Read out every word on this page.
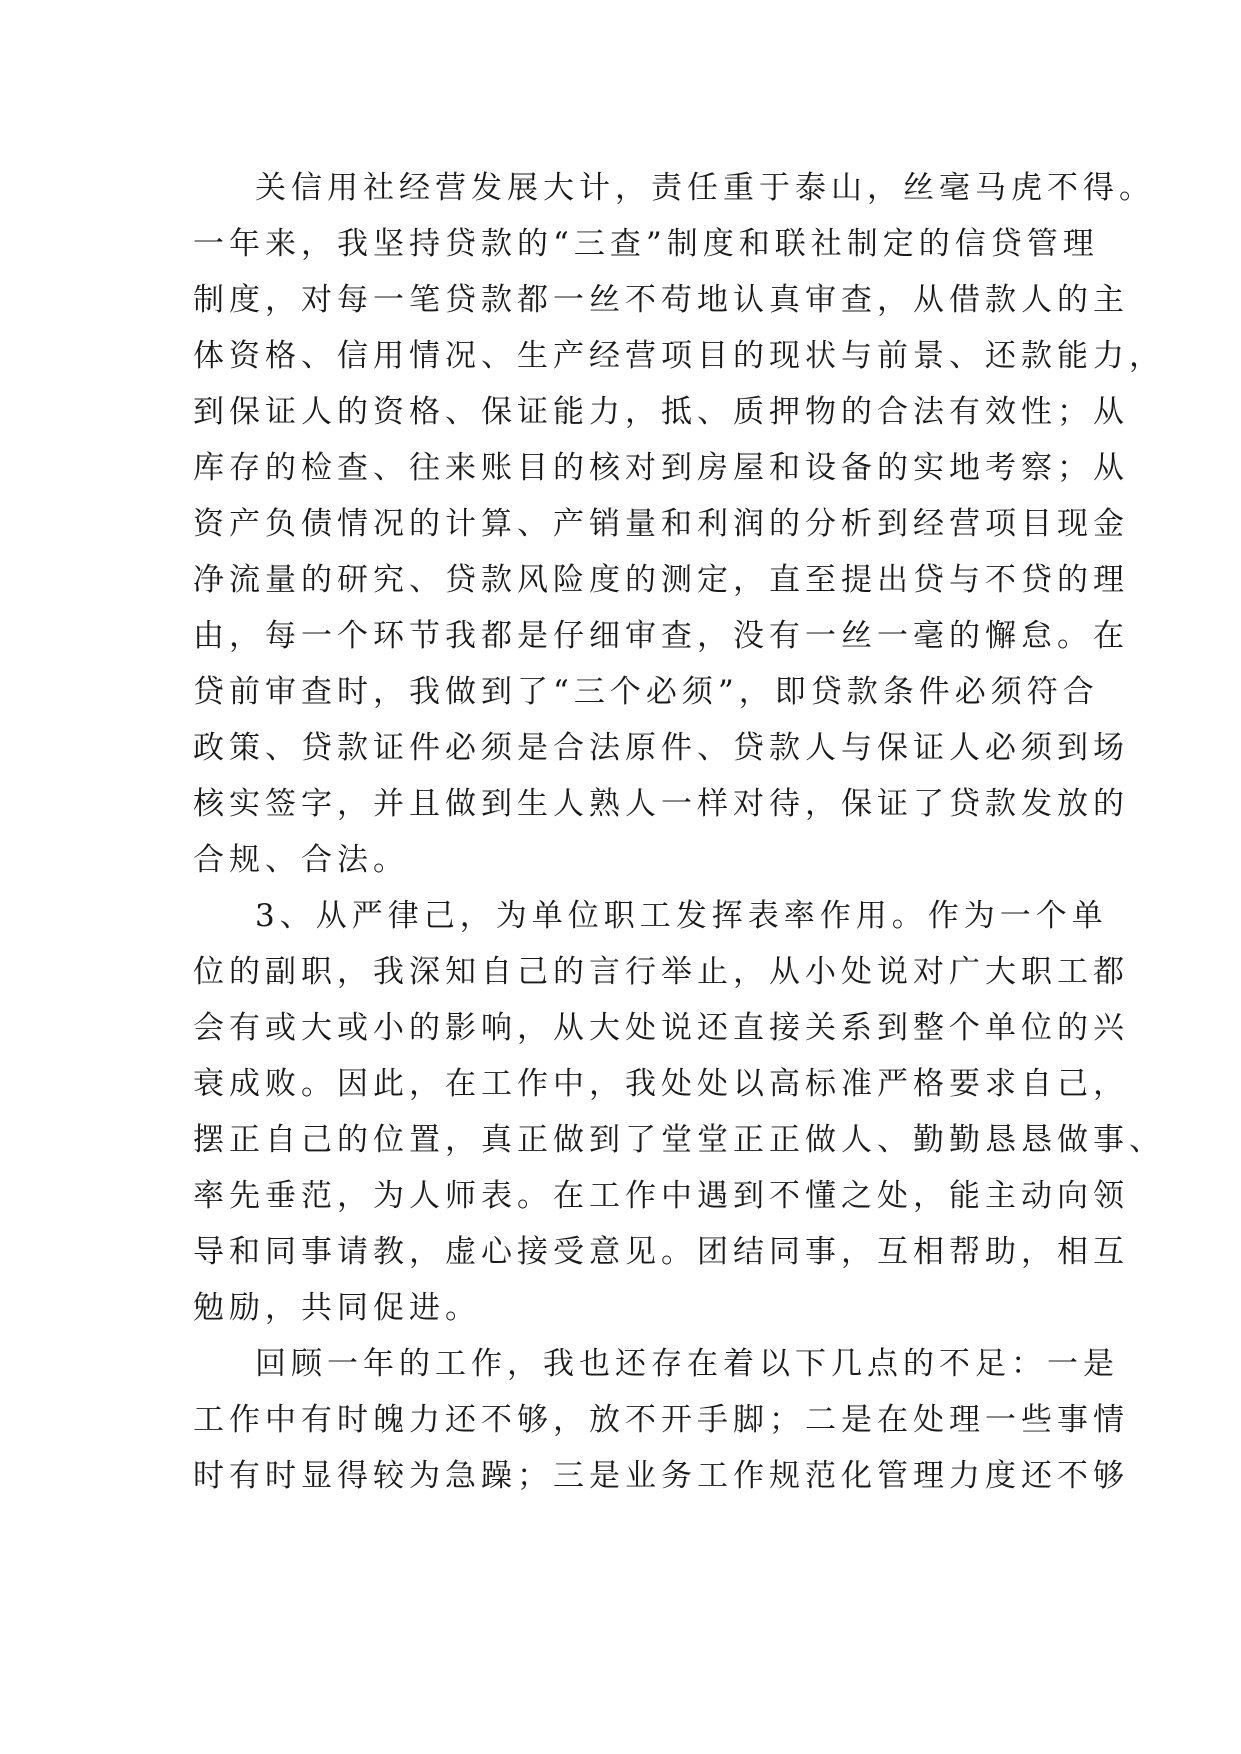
关信用社经营发展大计，责任重于泰山，丝毫马虎不得。
一年来，我坚持贷款的“三查”制度和联社制定的信贷管理
制度，对每一笔贷款都一丝不苟地认真审查，从借款人的主
体资格、信用情况、生产经营项目的现状与前景、还款能力，
到保证人的资格、保证能力，抵、质押物的合法有效性；从
库存的检查、往来账目的核对到房屋和设备的实地考察；从
资产负债情况的计算、产销量和利润的分析到经营项目现金
净流量的研究、贷款风险度的测定，直至提出贷与不贷的理
由，每一个环节我都是仔细审查，没有一丝一毫的懈怠。在
贷前审查时，我做到了“三个必须”，即贷款条件必须符合
政策、贷款证件必须是合法原件、贷款人与保证人必须到场
核实签字，并且做到生人熟人一样对待，保证了贷款发放的
合规、合法。
3、从严律己，为单位职工发挥表率作用。作为一个单
位的副职，我深知自己的言行举止，从小处说对广大职工都
会有或大或小的影响，从大处说还直接关系到整个单位的兴
衰成败。因此，在工作中，我处处以高标准严格要求自己，
摆正自己的位置，真正做到了堂堂正正做人、勤勤恳恳做事、
率先垂范，为人师表。在工作中遇到不懂之处，能主动向领
导和同事请教，虚心接受意见。团结同事，互相帮助，相互
勉励，共同促进。
回顾一年的工作，我也还存在着以下几点的不足：一是
工作中有时魄力还不够，放不开手脚；二是在处理一些事情
时有时显得较为急躁；三是业务工作规范化管理力度还不够
